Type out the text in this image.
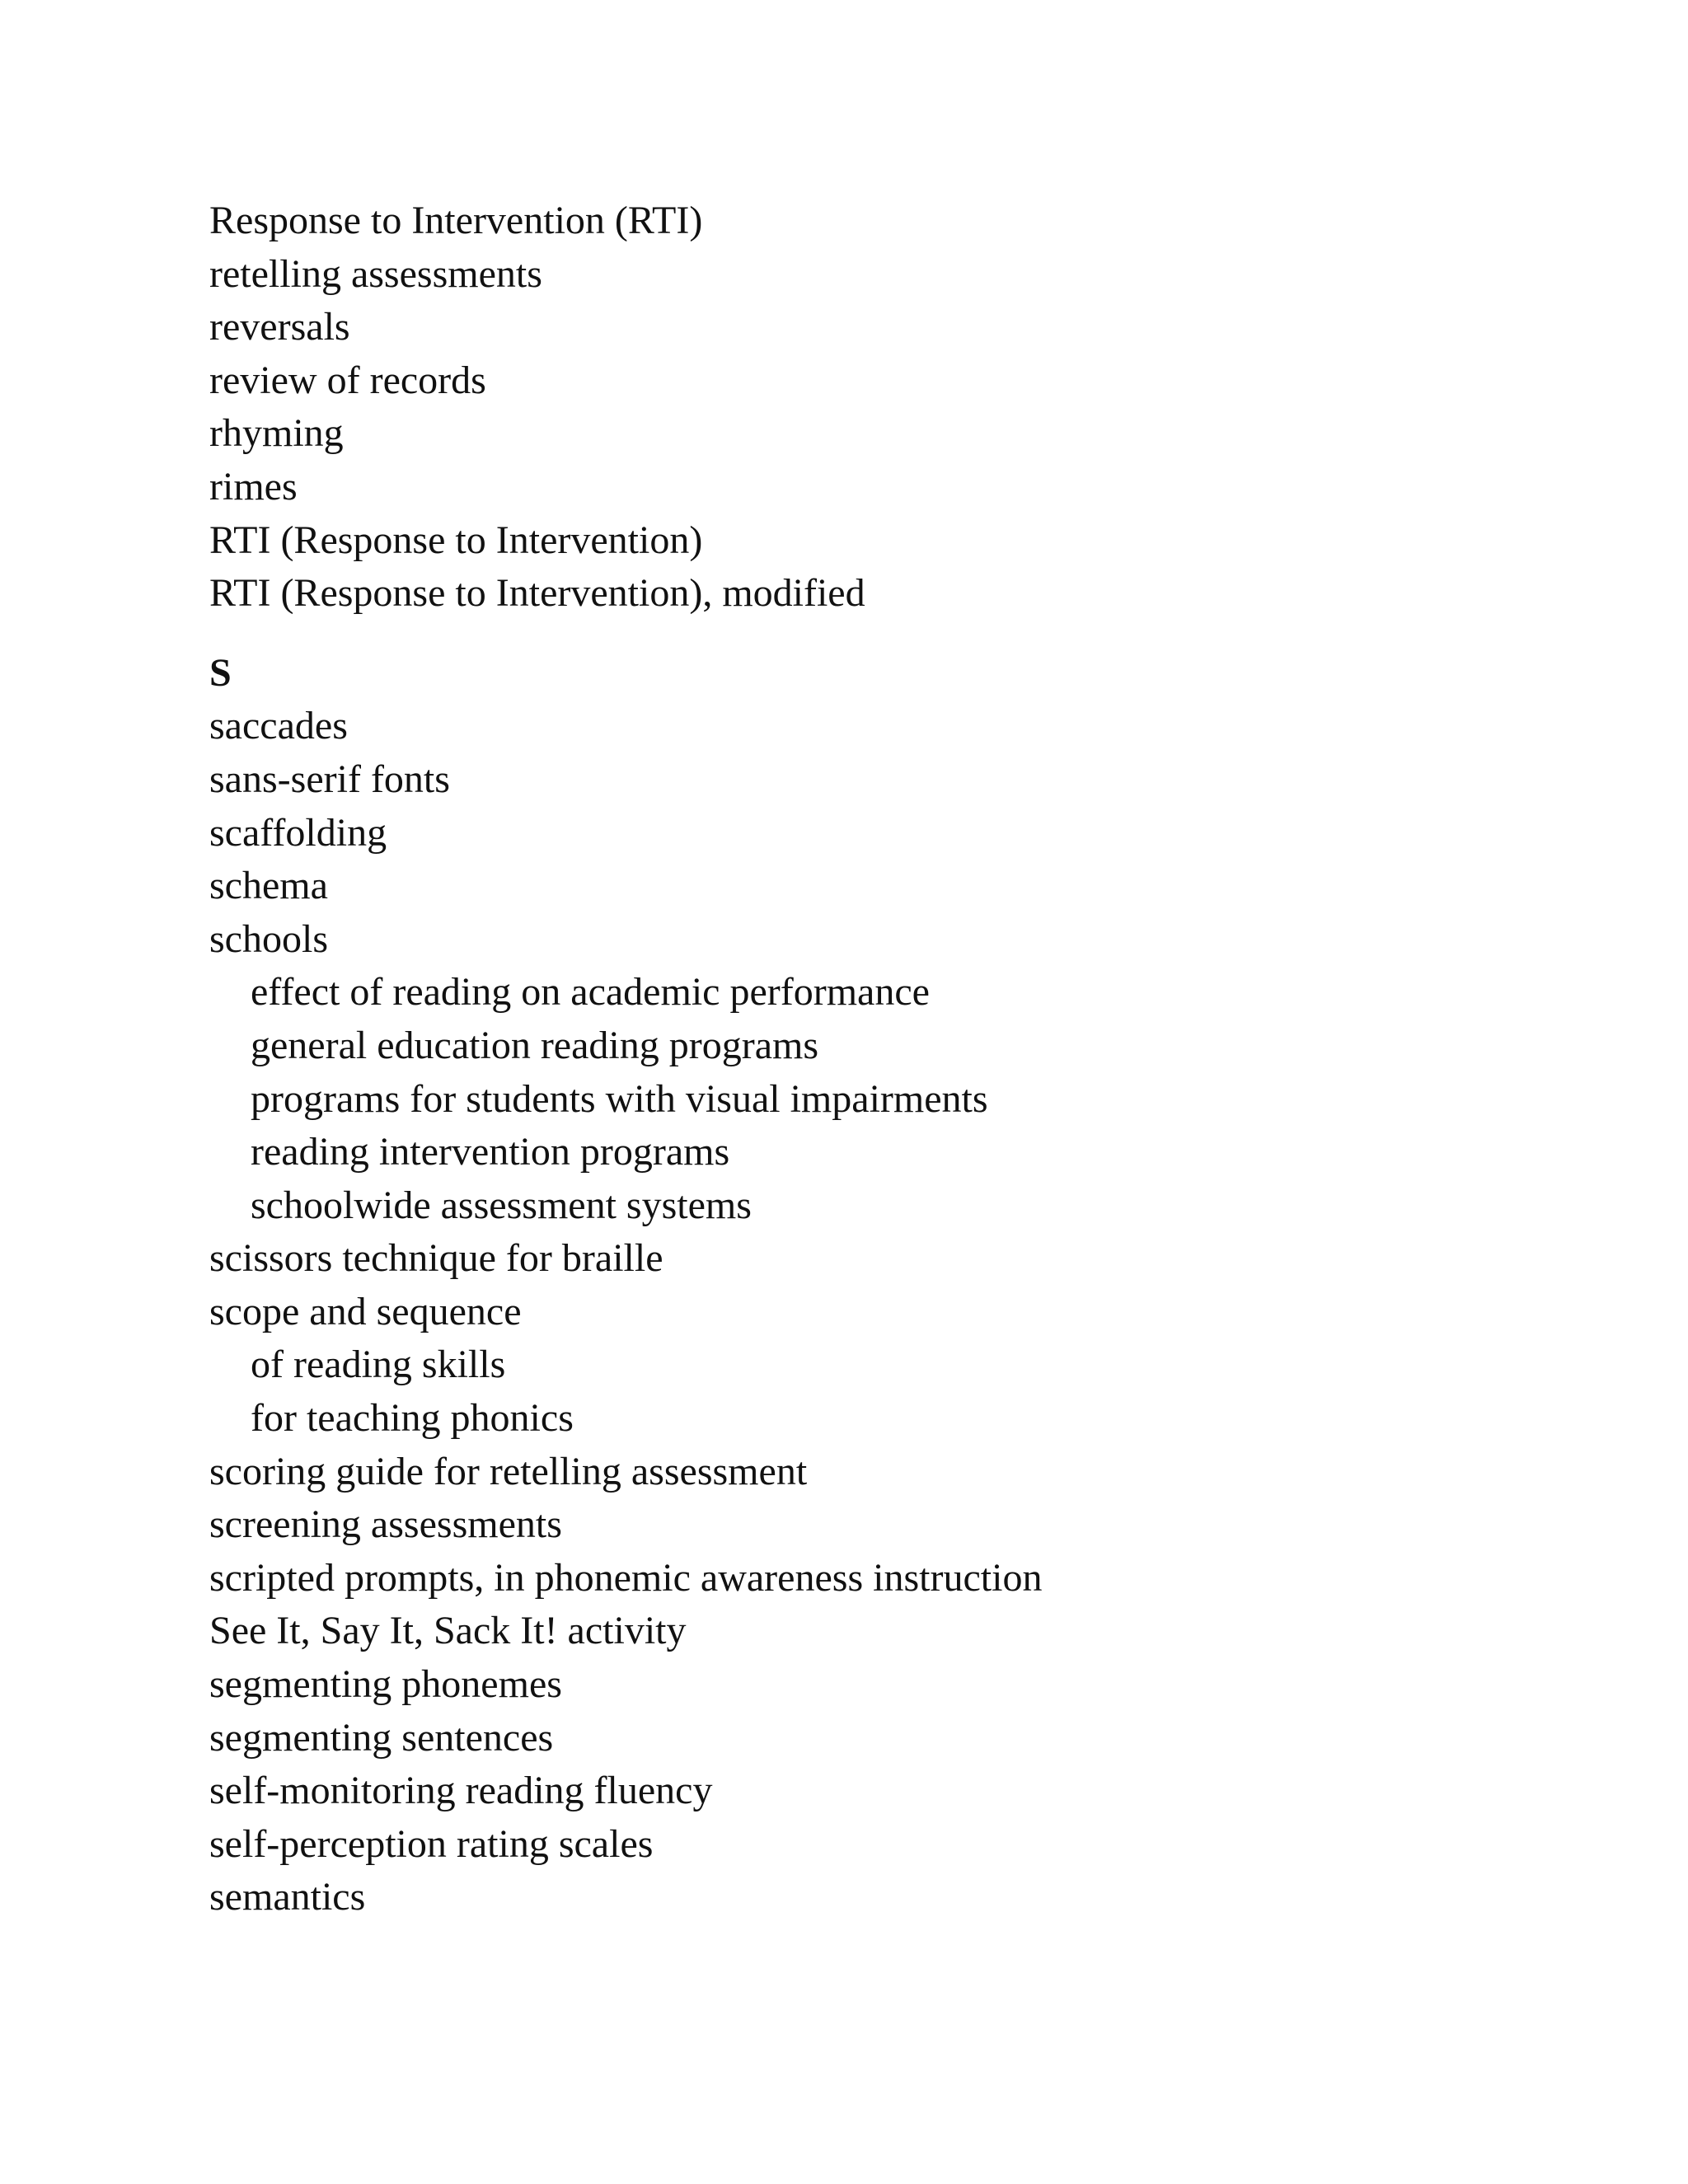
Response to Intervention (RTI)
retelling assessments
reversals
review of records
rhyming
rimes
RTI (Response to Intervention)
RTI (Response to Intervention), modified
S
saccades
sans-serif fonts
scaffolding
schema
schools
effect of reading on academic performance
general education reading programs
programs for students with visual impairments
reading intervention programs
schoolwide assessment systems
scissors technique for braille
scope and sequence
of reading skills
for teaching phonics
scoring guide for retelling assessment
screening assessments
scripted prompts, in phonemic awareness instruction
See It, Say It, Sack It! activity
segmenting phonemes
segmenting sentences
self-monitoring reading fluency
self-perception rating scales
semantics
